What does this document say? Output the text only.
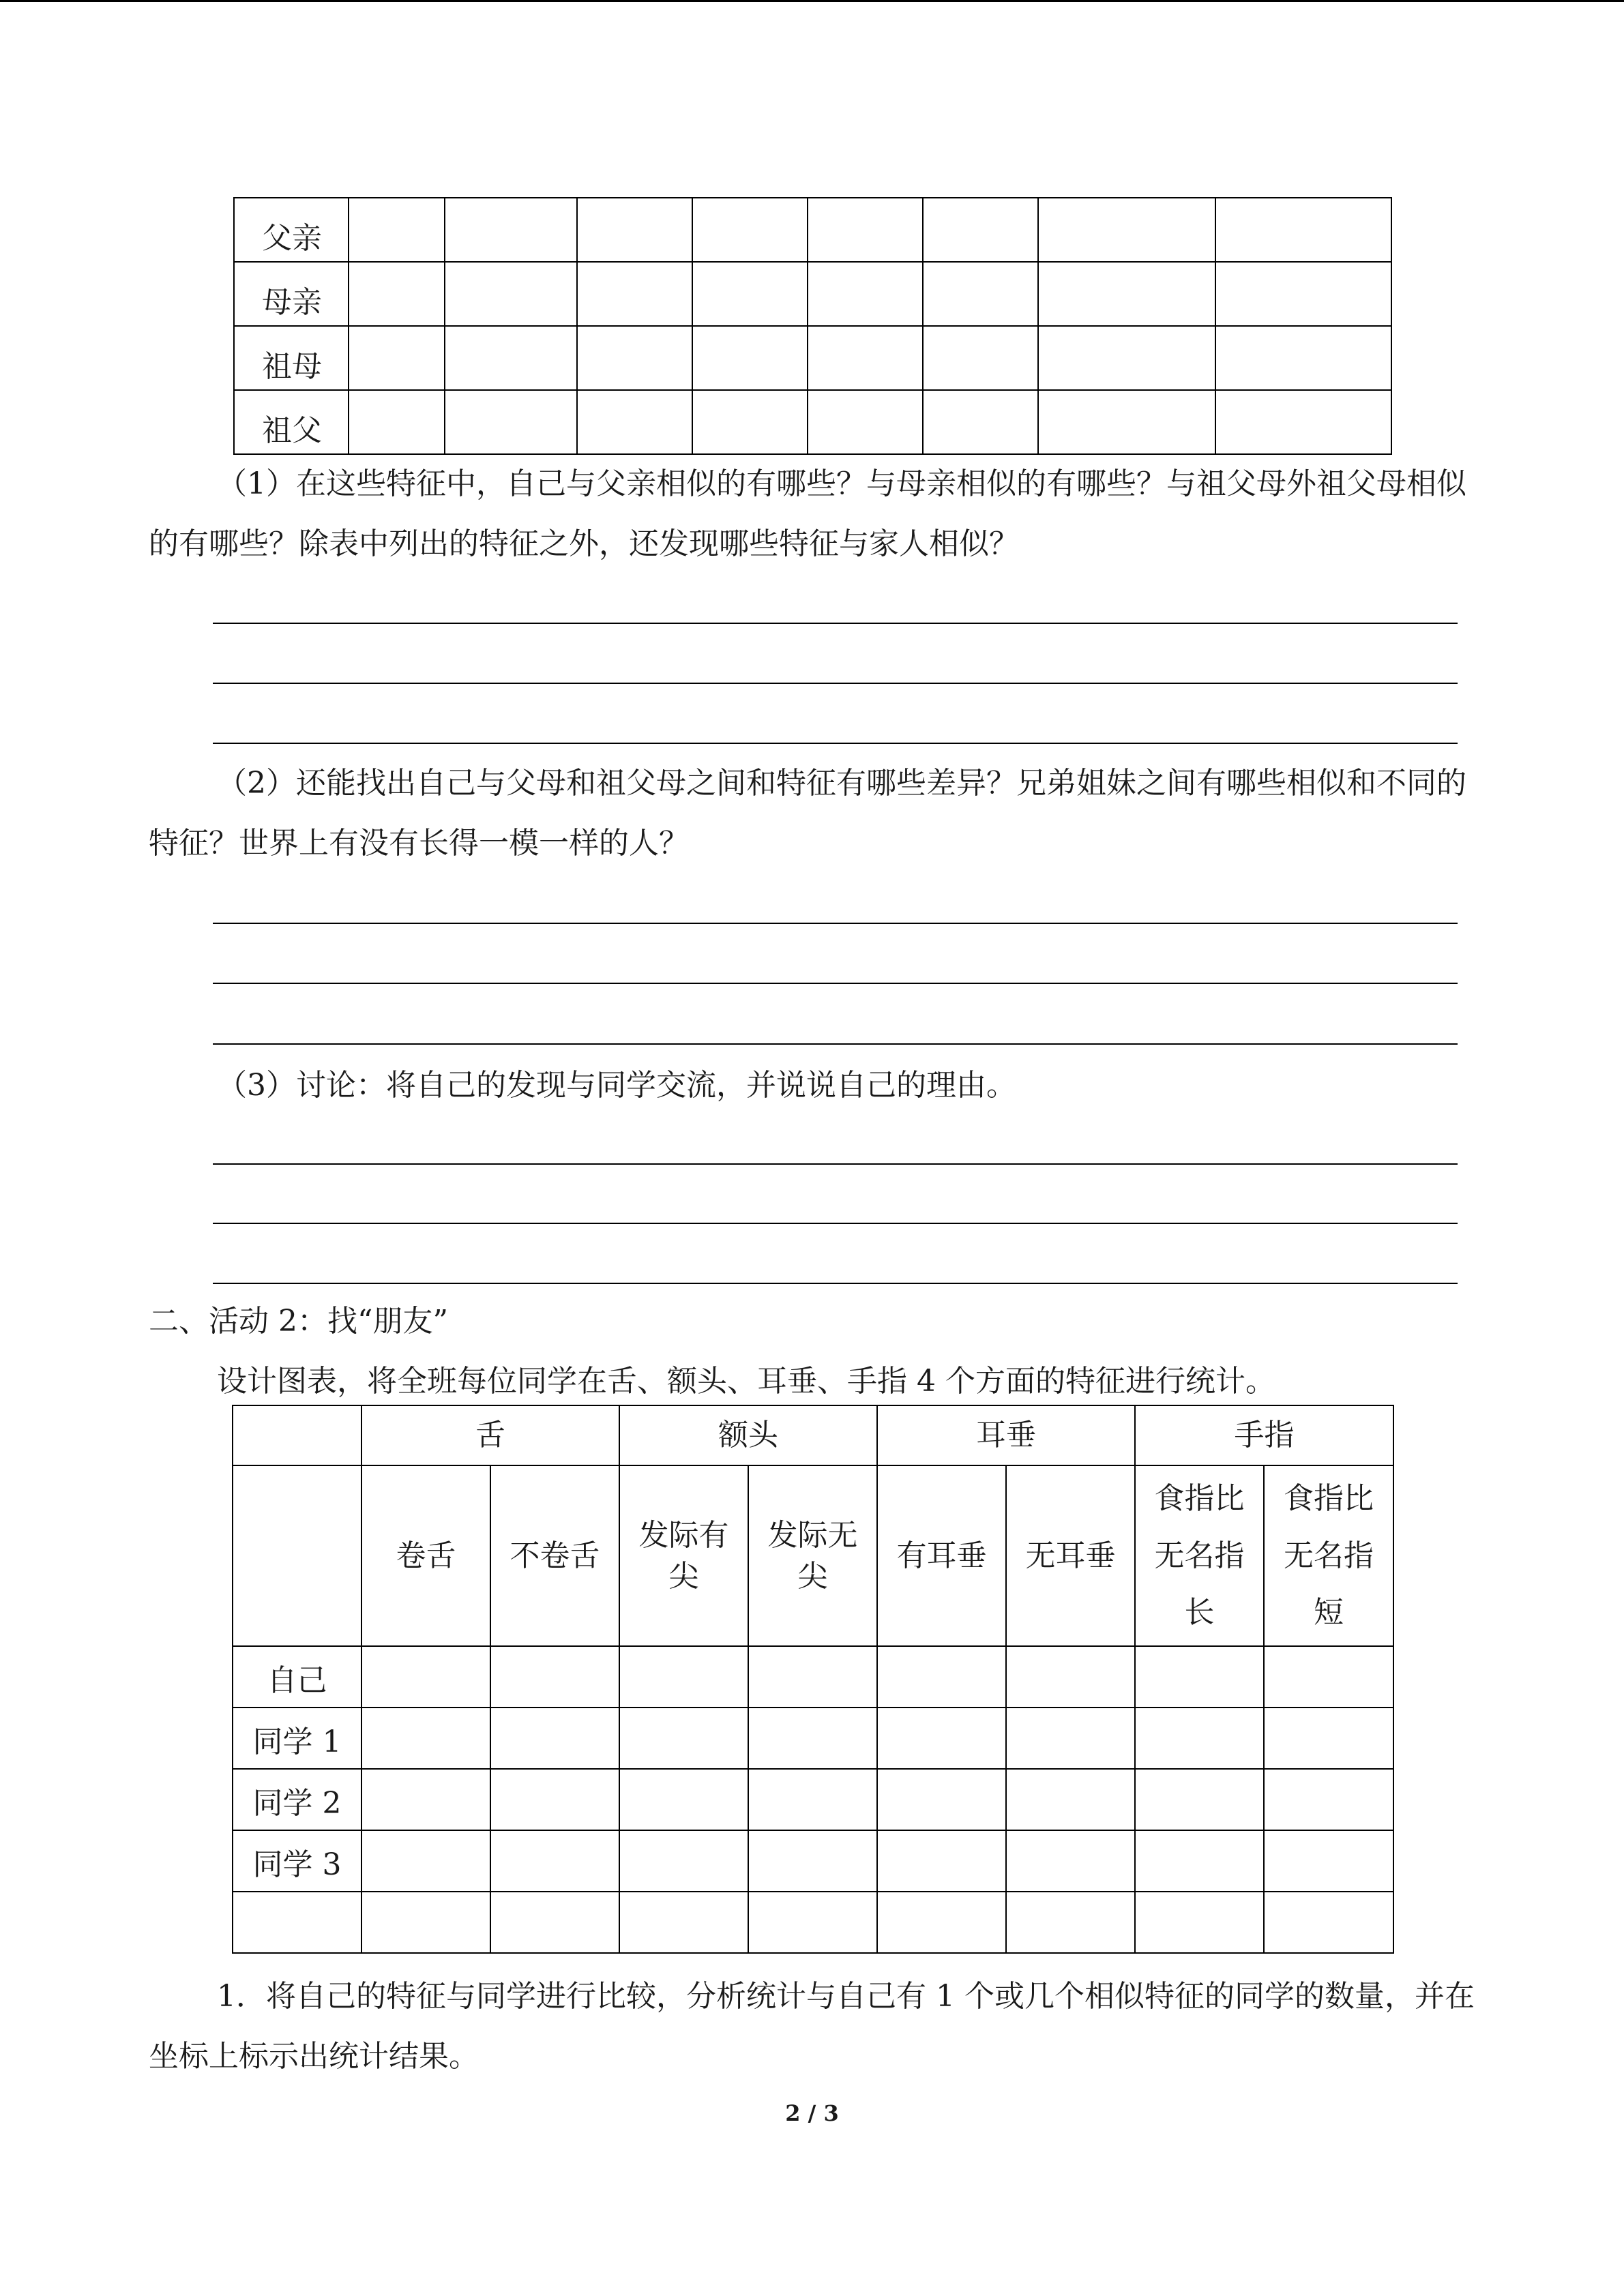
父亲								
母亲								
祖母								
祖父								

（1）在这些特征中，自己与父亲相似的有哪些？与母亲相似的有哪些？与祖父母外祖父母相似的有哪些？除表中列出的特征之外，还发现哪些特征与家人相似？

（2）还能找出自己与父母和祖父母之间和特征有哪些差异？兄弟姐妹之间有哪些相似和不同的特征？世界上有没有长得一模一样的人？

（3）讨论：将自己的发现与同学交流，并说说自己的理由。

二、活动 2：找“朋友”

设计图表，将全班每位同学在舌、额头、耳垂、手指 4 个方面的特征进行统计。

	舌		额头		耳垂		手指	
	卷舌	不卷舌	发际有尖	发际无尖	有耳垂	无耳垂	食指比无名指长	食指比无名指短
自己								
同学 1								
同学 2								
同学 3								

1．将自己的特征与同学进行比较，分析统计与自己有 1 个或几个相似特征的同学的数量，并在坐标上标示出统计结果。

2 / 3
